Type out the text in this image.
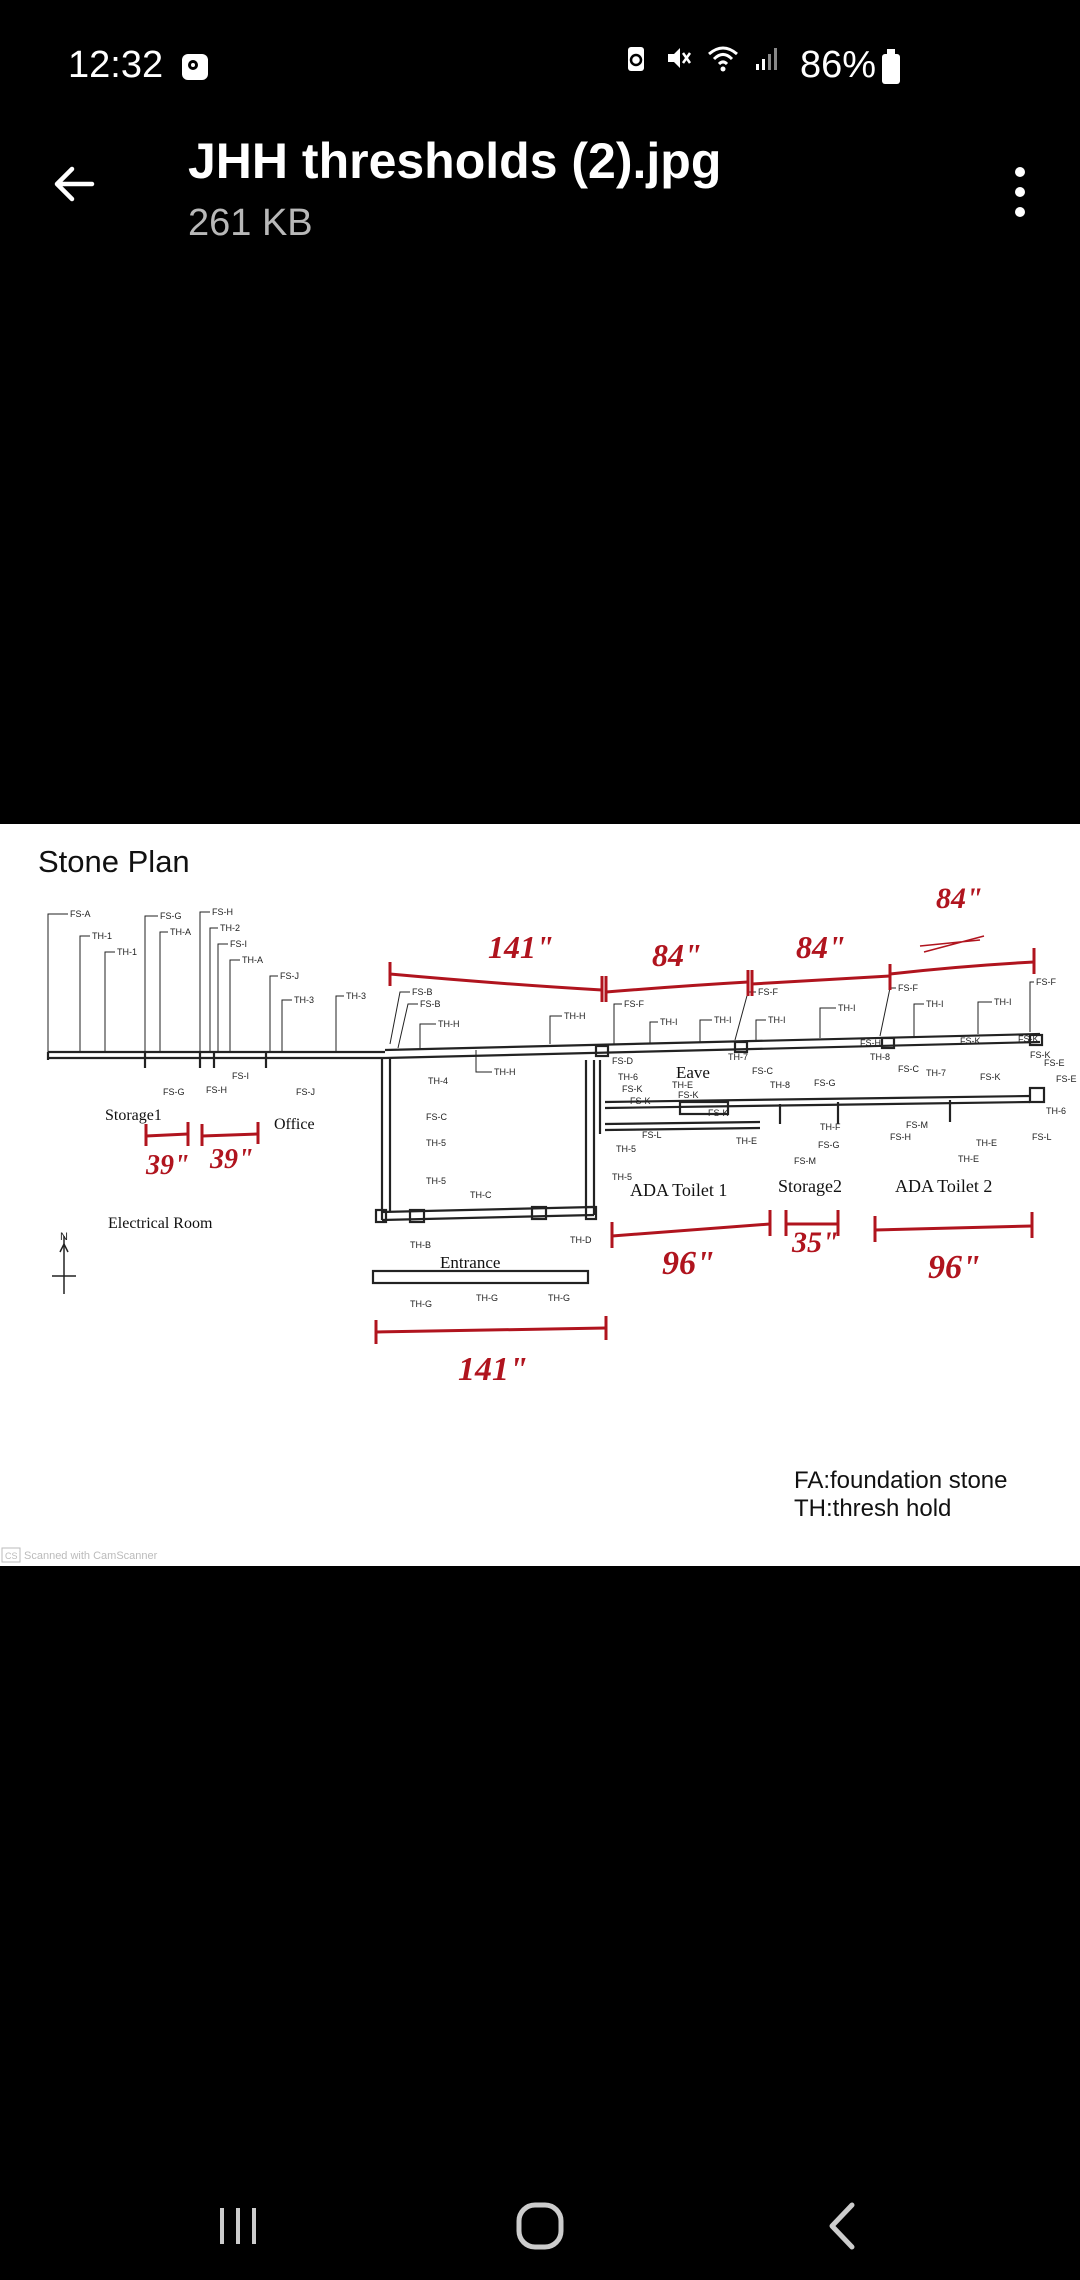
12:32	86%
JHH thresholds (2).jpg
261 KB
Stone Plan
Storage1
Office
Electrical Room
Entrance
Eave
ADA Toilet 1	Storage2	ADA Toilet 2
FS-A
TH-1
TH-1
FS-G
TH-A
FS-H
TH-2
FS-I
TH-A
FS-J
TH-3	TH-3	FS-B
FS-B
TH-H
TH-H
TH-H
FS-F
TH-I	TH-I
FS-F
TH-I
TH-I
FS-F
TH-I	TH-I
FS-F
FS-G FS-H
FS-I
FS-J
TH-4
FS-C
TH-5
TH-5
TH-C
TH-B	TH-D
TH-G
TH-G	TH-G
FS-D
TH-6
FS-K
FS-K
TH-E
FS-K
FS-K
FS-L
TH-5
TH-5
TH-E
TH-7
FS-C
TH-8	FS-G
TH-F
FS-G
FS-M
FS-H
TH-8
FS-C TH-7
FS-M
FS-H
FS-K
FS-K
TH-E
TH-E
FS-K
FS-K
FS-E
FS-E
TH-6
FS-L
141"	84"	84"
84"
39" 39"
96"
35"
96"
141"
N
FA:foundation stone
TH:thresh hold
CS Scanned with CamScanner
